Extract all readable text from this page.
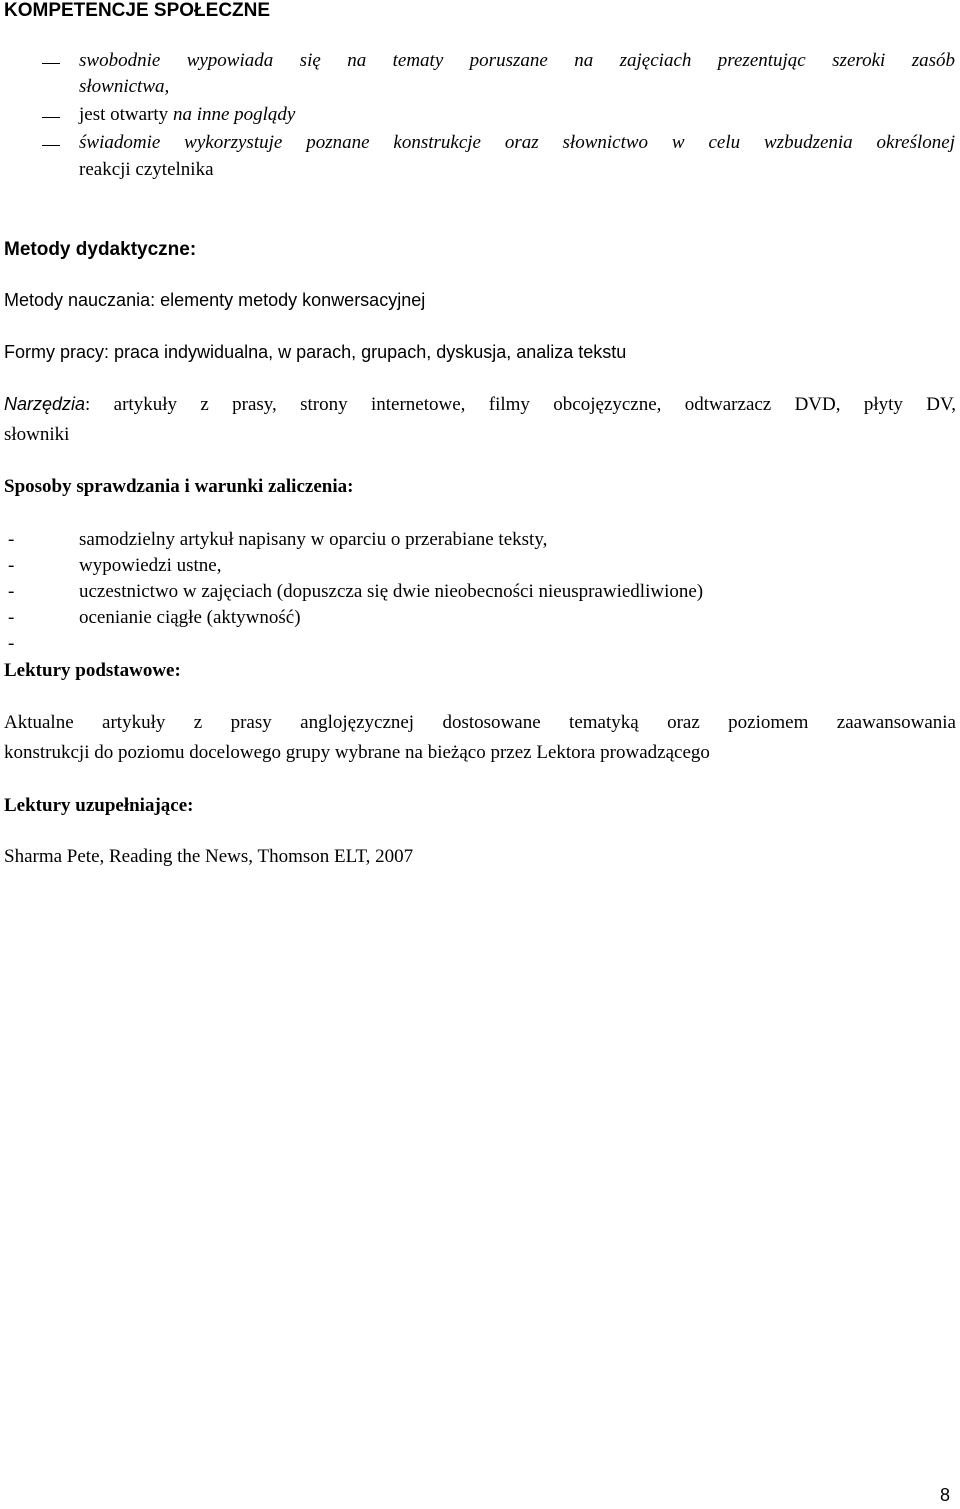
KOMPETENCJE SPOŁECZNE
swobodnie wypowiada się na tematy poruszane na zajęciach prezentując szeroki zasób
słownictwa,
jest otwarty na inne poglądy
świadomie wykorzystuje poznane konstrukcje oraz słownictwo w celu wzbudzenia określonej
reakcji czytelnika
Metody dydaktyczne:
Metody nauczania: elementy metody konwersacyjnej
Formy pracy: praca indywidualna, w parach, grupach, dyskusja, analiza tekstu
Narzędzia: artykuły z prasy, strony internetowe, filmy obcojęzyczne, odtwarzacz DVD, płyty DV,
słowniki
Sposoby sprawdzania i warunki zaliczenia:
-	samodzielny artykuł napisany w oparciu o przerabiane teksty,
-	wypowiedzi ustne,
-	uczestnictwo w zajęciach (dopuszcza się dwie nieobecności nieusprawiedliwione)
-	ocenianie ciągłe (aktywność)
-
Lektury podstawowe:
Aktualne artykuły z prasy anglojęzycznej dostosowane tematyką oraz poziomem zaawansowania
konstrukcji do poziomu docelowego grupy wybrane na bieżąco przez Lektora prowadzącego
Lektury uzupełniające:
Sharma Pete, Reading the News, Thomson ELT, 2007
8
